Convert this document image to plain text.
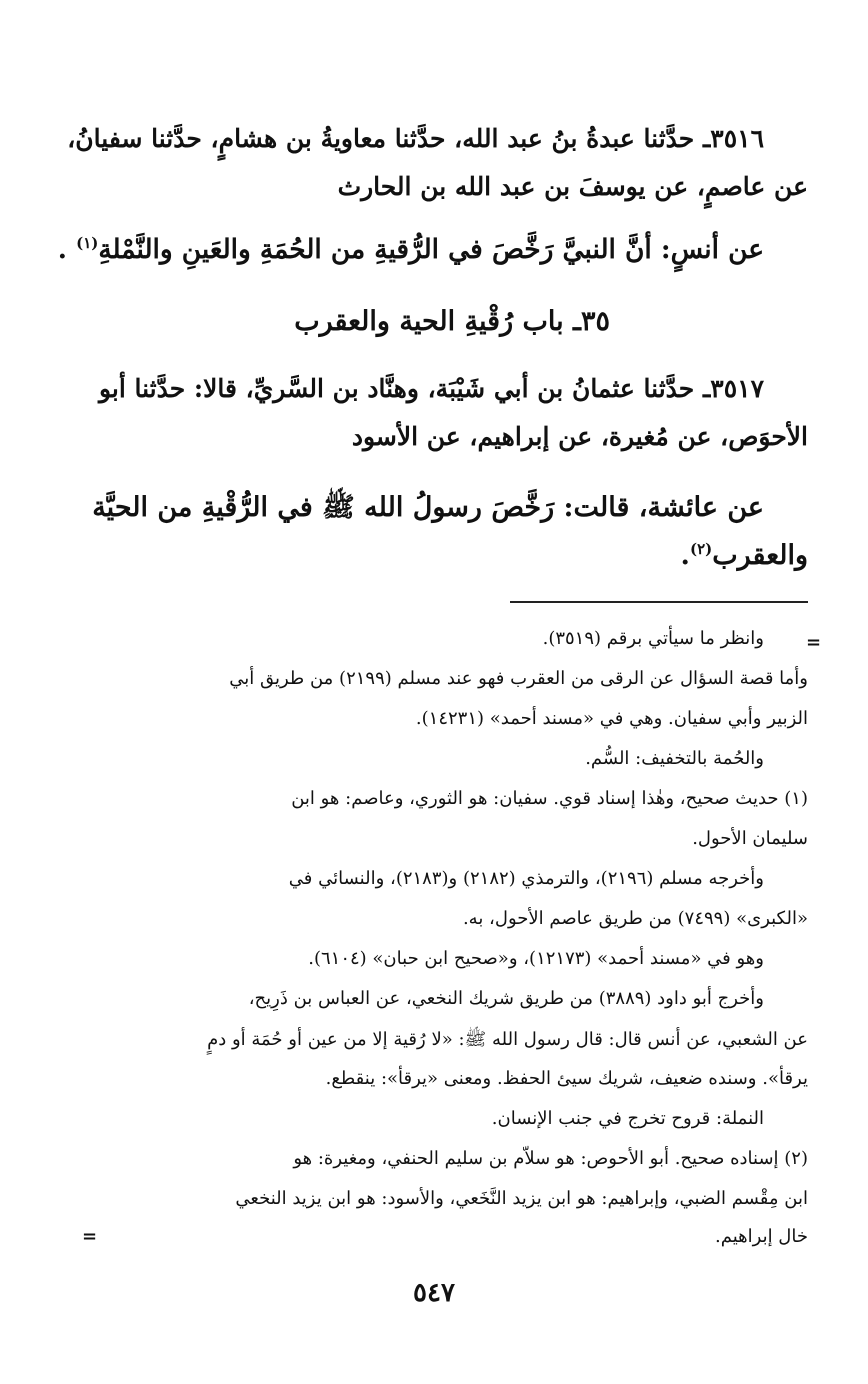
٣٥١٦ـ حدَّثنا عبدةُ بنُ عبد الله، حدَّثنا معاويةُ بن هشامٍ، حدَّثنا سفيانُ،
عن عاصمٍ، عن يوسفَ بن عبد الله بن الحارث
عن أنسٍ: أنَّ النبيَّ رَخَّصَ في الرُّقيةِ من الحُمَةِ والعَينِ والنَّمْلةِ$^{(١)}$ .
٣٥ـ باب رُقْيةِ الحية والعقرب
٣٥١٧ـ حدَّثنا عثمانُ بن أبي شَيْبَة، وهنَّاد بن السَّريِّ، قالا: حدَّثنا أبو
الأحوَص، عن مُغيرة، عن إبراهيم، عن الأسود
عن عائشة، قالت: رَخَّصَ رسولُ الله ﷺ في الرُّقْيةِ من الحيَّة
والعقرب$^{(٢)}$.
=
وانظر ما سيأتي برقم (٣٥١٩).
وأما قصة السؤال عن الرقى من العقرب فهو عند مسلم (٢١٩٩) من طريق أبي
الزبير وأبي سفيان. وهي في «مسند أحمد» (١٤٢٣١).
والحُمة بالتخفيف: السُّم.
(١) حديث صحيح، وهٰذا إسناد قوي. سفيان: هو الثوري، وعاصم: هو ابن
سليمان الأحول.
وأخرجه مسلم (٢١٩٦)، والترمذي (٢١٨٢) و(٢١٨٣)، والنسائي في
«الكبرى» (٧٤٩٩) من طريق عاصم الأحول، به.
وهو في «مسند أحمد» (١٢١٧٣)، و«صحيح ابن حبان» (٦١٠٤).
وأخرج أبو داود (٣٨٨٩) من طريق شريك النخعي، عن العباس بن ذَرِيح،
عن الشعبي، عن أنس قال: قال رسول الله ﷺ: «لا رُقية إلا من عين أو حُمَة أو دمٍ
يرقأ». وسنده ضعيف، شريك سيئ الحفظ. ومعنى «يرقأ»: ينقطع.
النملة: قروح تخرج في جنب الإنسان.
(٢) إسناده صحيح. أبو الأحوص: هو سلاّم بن سليم الحنفي، ومغيرة: هو
ابن مِقْسم الضبي، وإبراهيم: هو ابن يزيد النَّخَعي، والأسود: هو ابن يزيد النخعي
خال إبراهيم.
=
٥٤٧
